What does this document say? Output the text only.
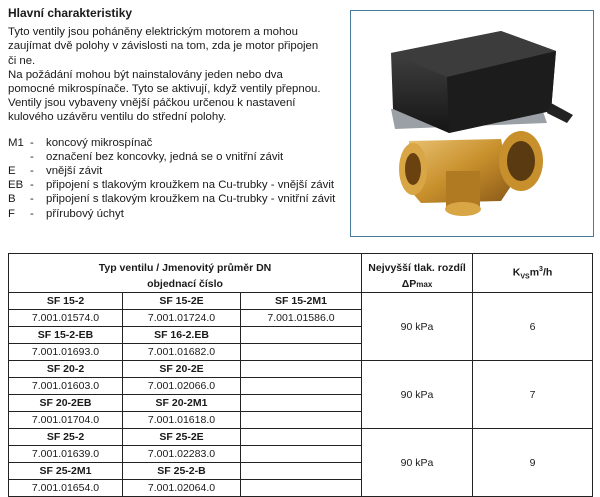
Hlavní charakteristiky

Tyto ventily jsou poháněny elektrickým motorem a mohou zaujímat dvě polohy v závislosti na tom, zda je motor připojen či ne.

Na požádání mohou být nainstalovány jeden nebo dva pomocné mikrospínače. Tyto se aktivují, když ventily přepnou. Ventily jsou vybaveny vnější páčkou určenou k nastavení kulového uzávěru ventilu do střední polohy.

M1 -	koncový mikrospínač
-	označení bez koncovky, jedná se o vnitřní závit
E	-	vnější závit
EB -	připojení s tlakovým kroužkem na Cu-trubky - vnější závit
B	-	připojení s tlakovým kroužkem na Cu-trubky - vnitřní závit
F	-	přírubový úchyt
Typ ventilu / Jmenovitý průměr DN			Nejvyšší tlak. rozdíl	$K_{VS}m^3/h$
objednací číslo			ΔPmax	
SF 15-2	SF 15-2E	SF 15-2M1	90 kPa	6
7.001.01574.0	7.001.01724.0	7.001.01586.0		
SF 15-2-EB	SF 16-2.EB			
7.001.01693.0	7.001.01682.0			
SF 20-2	SF 20-2E		90 kPa	7
7.001.01603.0	7.001.02066.0			
SF 20-2EB	SF 20-2M1			
7.001.01704.0	7.001.01618.0			
SF 25-2	SF 25-2E		90 kPa	9
7.001.01639.0	7.001.02283.0			
SF 25-2M1	SF 25-2-B			
7.001.01654.0	7.001.02064.0			
